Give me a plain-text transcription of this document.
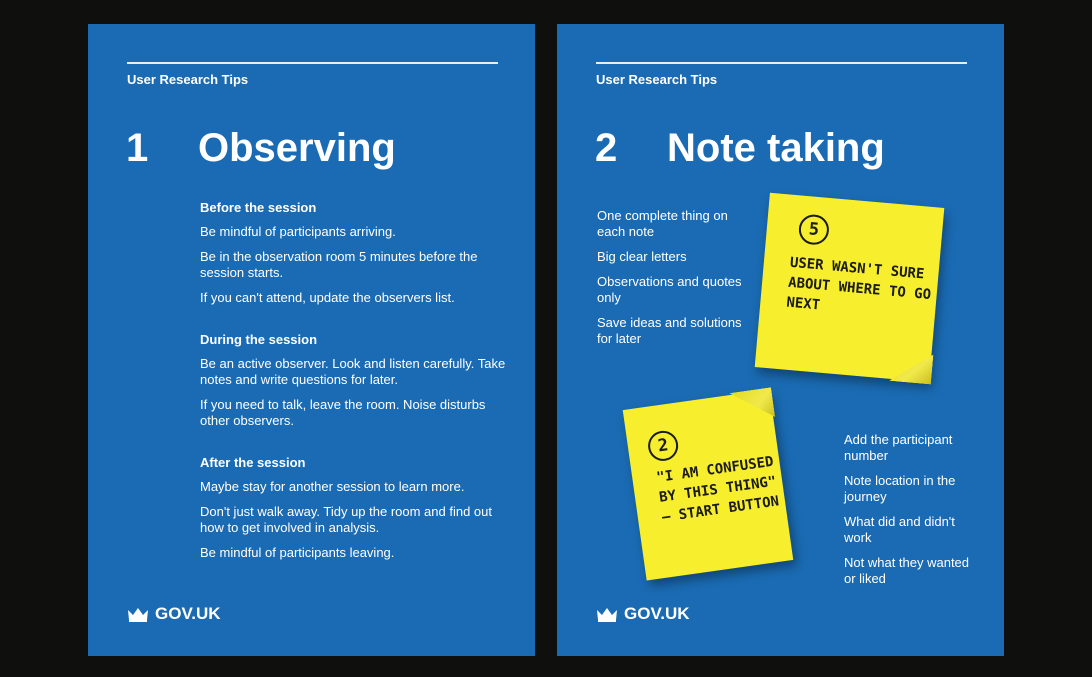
User Research Tips
1 Observing
Before the session
Be mindful of participants arriving.
Be in the observation room 5 minutes before the session starts.
If you can't attend, update the observers list.
During the session
Be an active observer. Look and listen carefully. Take notes and write questions for later.
If you need to talk, leave the room. Noise disturbs other observers.
After the session
Maybe stay for another session to learn more.
Don't just walk away. Tidy up the room and find out how to get involved in analysis.
Be mindful of participants leaving.
GOV.UK
User Research Tips
2 Note taking
One complete thing on each note
Big clear letters
Observations and quotes only
Save ideas and solutions for later
5
USER WASN'T SURE ABOUT WHERE TO GO NEXT
2
"I AM CONFUSED BY THIS THING" — START BUTTON
Add the participant number
Note location in the journey
What did and didn't work
Not what they wanted or liked
GOV.UK
